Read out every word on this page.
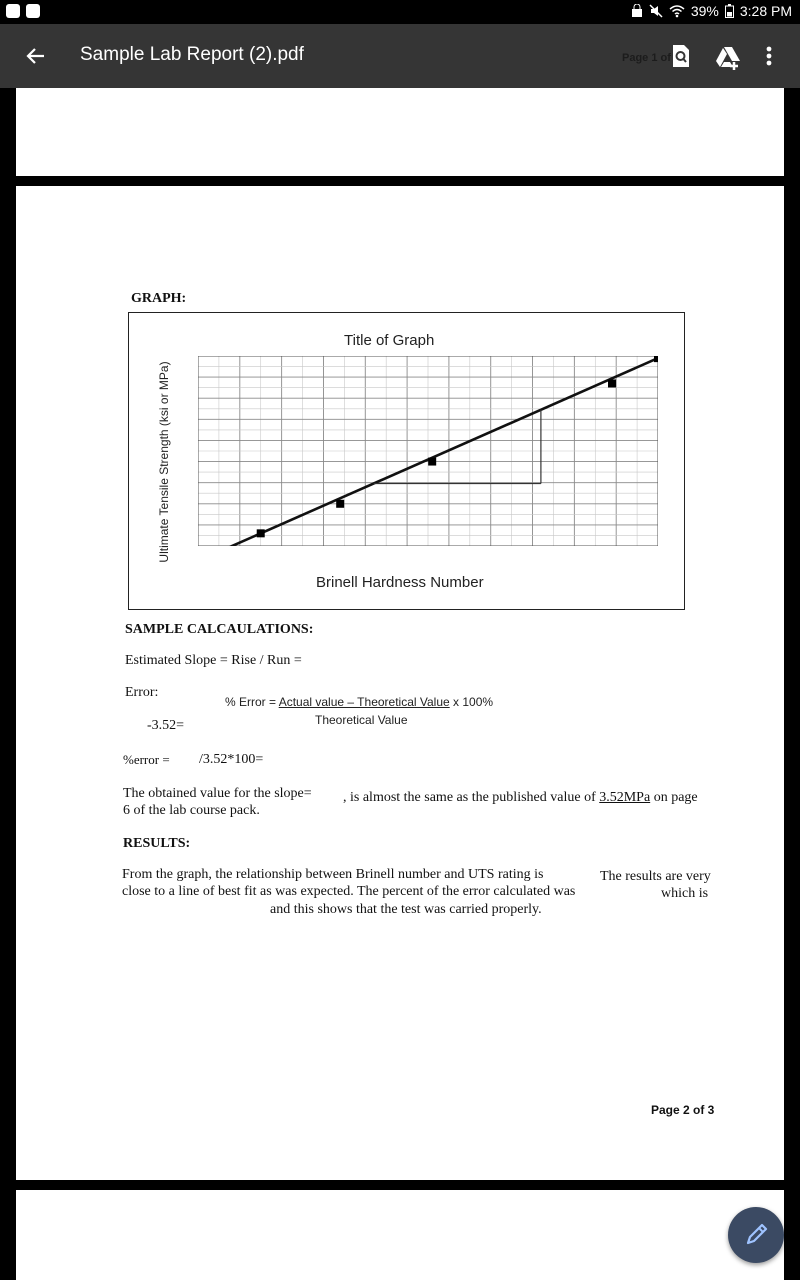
39% 3:28 PM
Sample Lab Report (2).pdf	Page 1 of
GRAPH:
Title of Graph
Ultimate Tensile Strength (ksi or MPa)
Brinell Hardness Number
SAMPLE CALCAULATIONS:
Estimated Slope = Rise / Run =
Error:
% Error = Actual value – Theoretical Value x 100%
Theoretical Value
-3.52=
%error = /3.52*100=
The obtained value for the slope= , is almost the same as the published value of 3.52MPa on page
6 of the lab course pack.
RESULTS:
From the graph, the relationship between Brinell number and UTS rating is	The results are very
close to a line of best fit as was expected. The percent of the error calculated was	which is
and this shows that the test was carried properly.
Page 2 of 3
